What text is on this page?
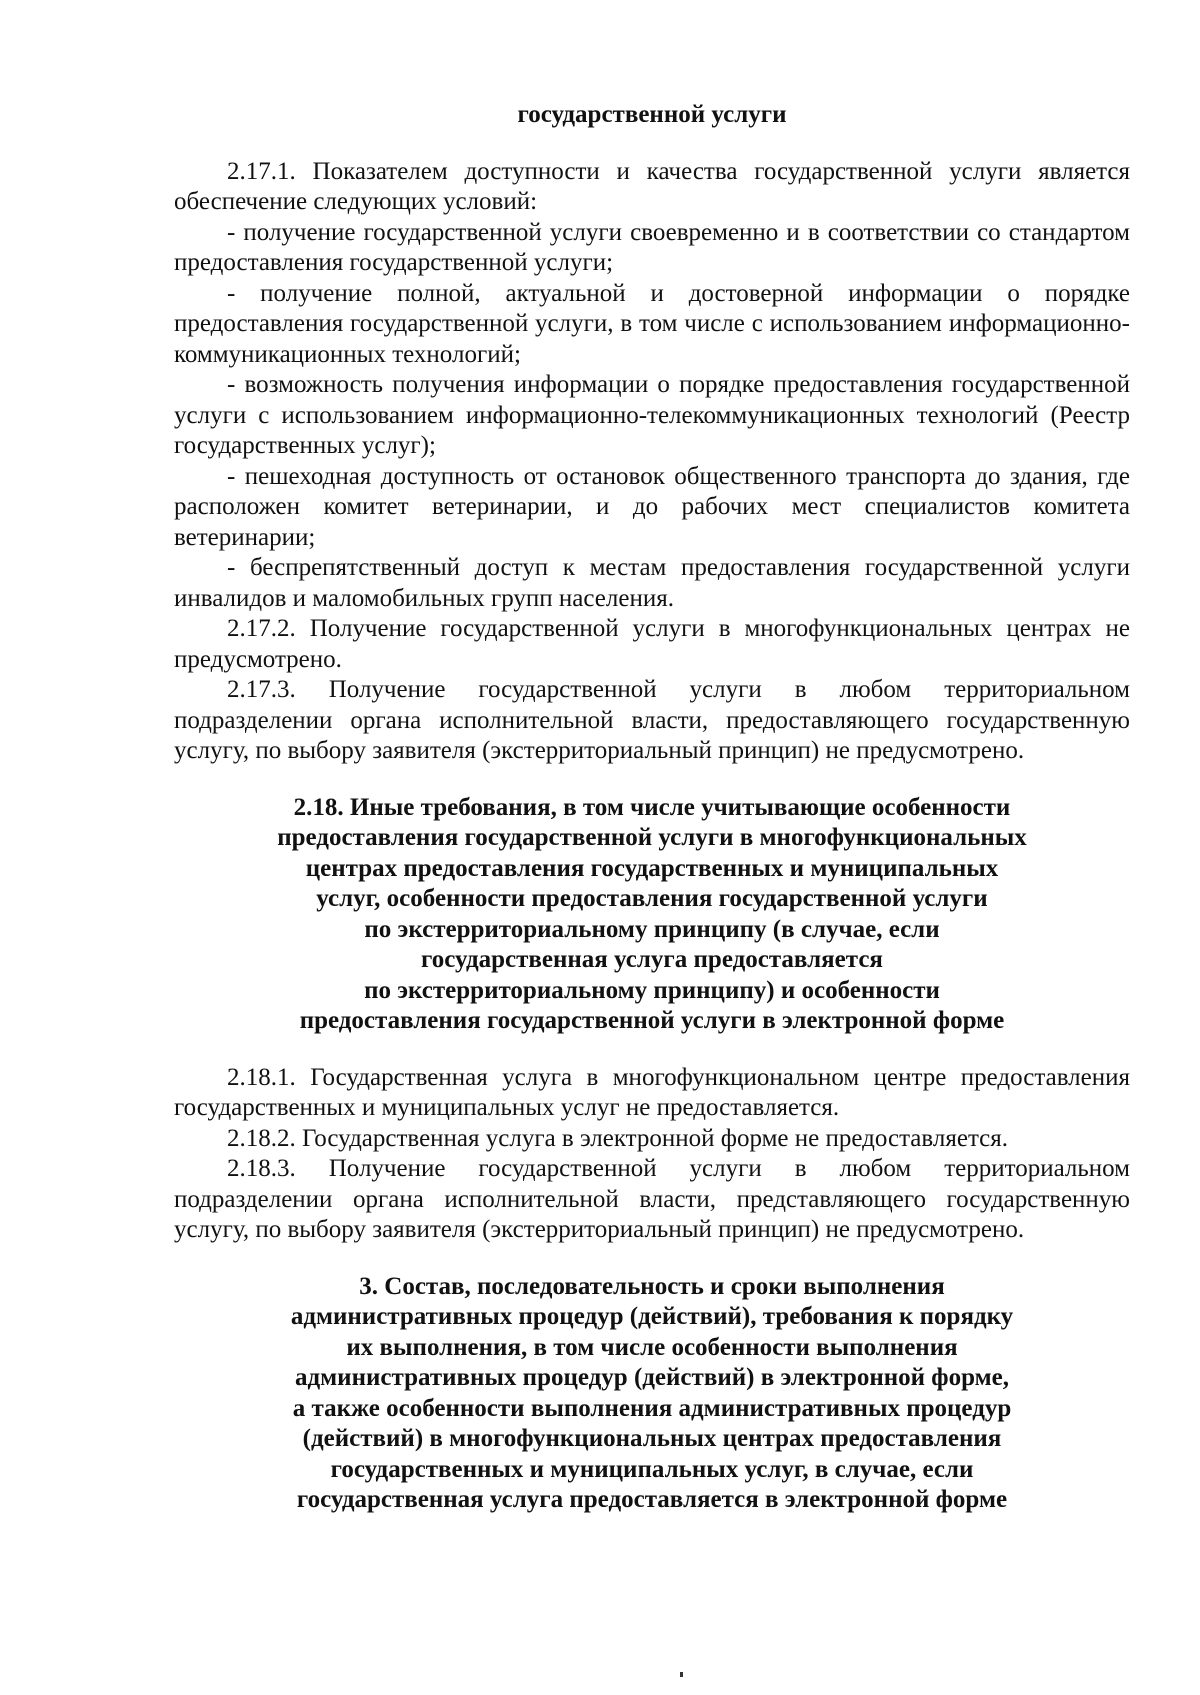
государственной услуги

2.17.1. Показателем доступности и качества государственной услуги является обеспечение следующих условий:

- получение государственной услуги своевременно и в соответствии со стандартом предоставления государственной услуги;

- получение полной, актуальной и достоверной информации о порядке предоставления государственной услуги, в том числе с использованием информационно-коммуникационных технологий;

- возможность получения информации о порядке предоставления государственной услуги с использованием информационно-телекоммуникационных технологий (Реестр государственных услуг);

- пешеходная доступность от остановок общественного транспорта до здания, где расположен комитет ветеринарии, и до рабочих мест специалистов комитета ветеринарии;

- беспрепятственный доступ к местам предоставления государственной услуги инвалидов и маломобильных групп населения.

2.17.2. Получение государственной услуги в многофункциональных центрах не предусмотрено.

2.17.3. Получение государственной услуги в любом территориальном подразделении органа исполнительной власти, предоставляющего государственную услугу, по выбору заявителя (экстерриториальный принцип) не предусмотрено.

2.18. Иные требования, в том числе учитывающие особенности
предоставления государственной услуги в многофункциональных
центрах предоставления государственных и муниципальных
услуг, особенности предоставления государственной услуги
по экстерриториальному принципу (в случае, если
государственная услуга предоставляется
по экстерриториальному принципу) и особенности
предоставления государственной услуги в электронной форме

2.18.1. Государственная услуга в многофункциональном центре предоставления государственных и муниципальных услуг не предоставляется.

2.18.2. Государственная услуга в электронной форме не предоставляется.

2.18.3. Получение государственной услуги в любом территориальном подразделении органа исполнительной власти, представляющего государственную услугу, по выбору заявителя (экстерриториальный принцип) не предусмотрено.

3. Состав, последовательность и сроки выполнения
административных процедур (действий), требования к порядку
их выполнения, в том числе особенности выполнения
административных процедур (действий) в электронной форме,
а также особенности выполнения административных процедур
(действий) в многофункциональных центрах предоставления
государственных и муниципальных услуг, в случае, если
государственная услуга предоставляется в электронной форме
